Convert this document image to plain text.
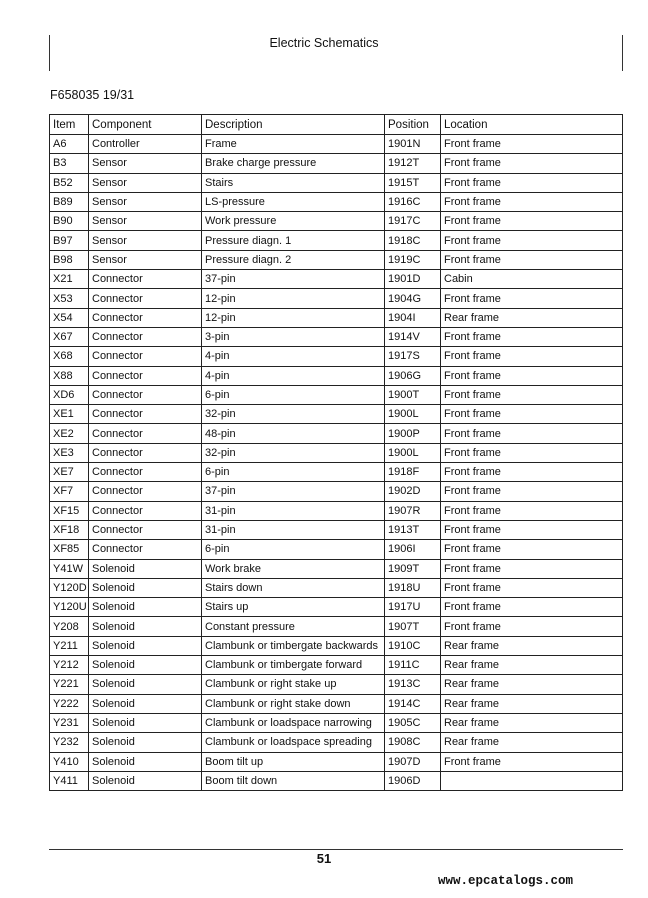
Electric Schematics
F658035 19/31
Item	Component	Description	Position	Location
A6	Controller	Frame	1901N	Front frame
B3	Sensor	Brake charge pressure	1912T	Front frame
B52	Sensor	Stairs	1915T	Front frame
B89	Sensor	LS-pressure	1916C	Front frame
B90	Sensor	Work pressure	1917C	Front frame
B97	Sensor	Pressure diagn. 1	1918C	Front frame
B98	Sensor	Pressure diagn. 2	1919C	Front frame
X21	Connector	37-pin	1901D	Cabin
X53	Connector	12-pin	1904G	Front frame
X54	Connector	12-pin	1904I	Rear frame
X67	Connector	3-pin	1914V	Front frame
X68	Connector	4-pin	1917S	Front frame
X88	Connector	4-pin	1906G	Front frame
XD6	Connector	6-pin	1900T	Front frame
XE1	Connector	32-pin	1900L	Front frame
XE2	Connector	48-pin	1900P	Front frame
XE3	Connector	32-pin	1900L	Front frame
XE7	Connector	6-pin	1918F	Front frame
XF7	Connector	37-pin	1902D	Front frame
XF15	Connector	31-pin	1907R	Front frame
XF18	Connector	31-pin	1913T	Front frame
XF85	Connector	6-pin	1906I	Front frame
Y41W	Solenoid	Work brake	1909T	Front frame
Y120D	Solenoid	Stairs down	1918U	Front frame
Y120U	Solenoid	Stairs up	1917U	Front frame
Y208	Solenoid	Constant pressure	1907T	Front frame
Y211	Solenoid	Clambunk or timbergate backwards	1910C	Rear frame
Y212	Solenoid	Clambunk or timbergate forward	1911C	Rear frame
Y221	Solenoid	Clambunk or right stake up	1913C	Rear frame
Y222	Solenoid	Clambunk or right stake down	1914C	Rear frame
Y231	Solenoid	Clambunk or loadspace narrowing	1905C	Rear frame
Y232	Solenoid	Clambunk or loadspace spreading	1908C	Rear frame
Y410	Solenoid	Boom tilt up	1907D	Front frame
Y411	Solenoid	Boom tilt down	1906D	
51
www.epcatalogs.com
